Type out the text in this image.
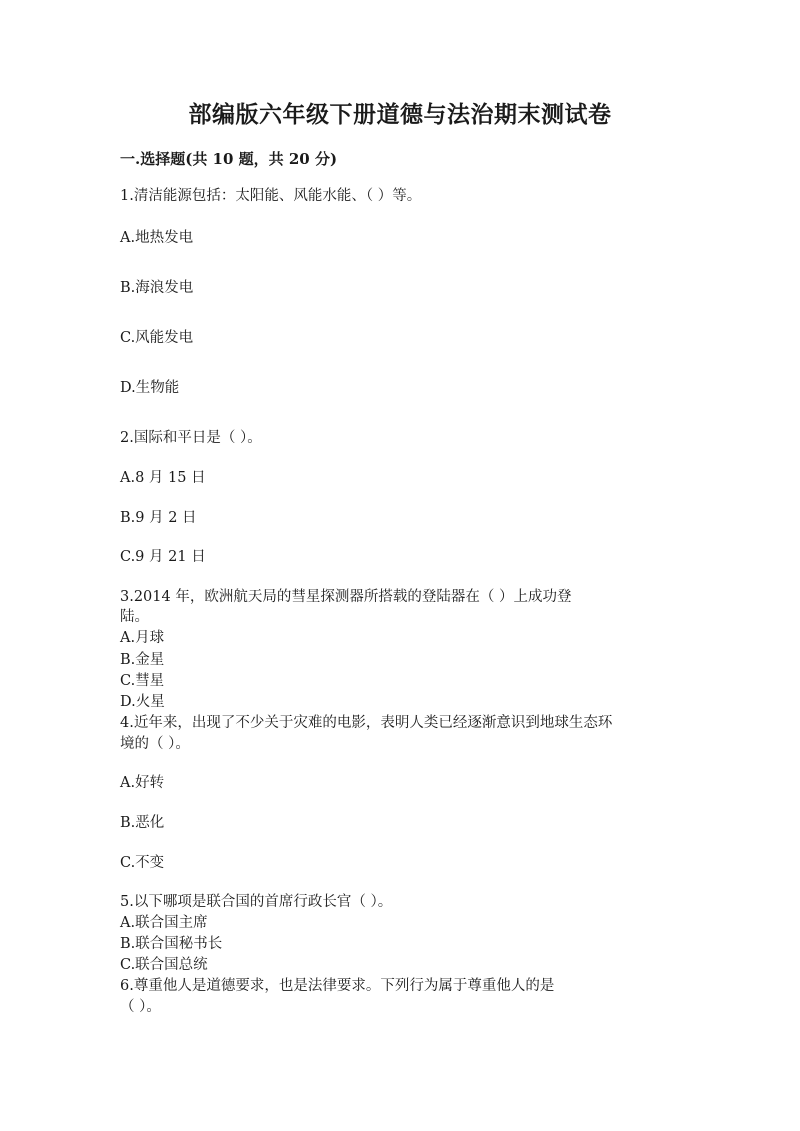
部编版六年级下册道德与法治期末测试卷
一.选择题(共 10 题，共 20 分)
1.清洁能源包括：太阳能、风能水能、（ ）等。
A.地热发电
B.海浪发电
C.风能发电
D.生物能
2.国际和平日是（ ）。
A.8 月 15 日
B.9 月 2 日
C.9 月 21 日
3.2014 年，欧洲航天局的彗星探测器所搭载的登陆器在（ ）上成功登
陆。
A.月球
B.金星
C.彗星
D.火星
4.近年来，出现了不少关于灾难的电影，表明人类已经逐渐意识到地球生态环
境的（ ）。
A.好转
B.恶化
C.不变
5.以下哪项是联合国的首席行政长官（ ）。
A.联合国主席
B.联合国秘书长
C.联合国总统
6.尊重他人是道德要求，也是法律要求。下列行为属于尊重他人的是
（ ）。
